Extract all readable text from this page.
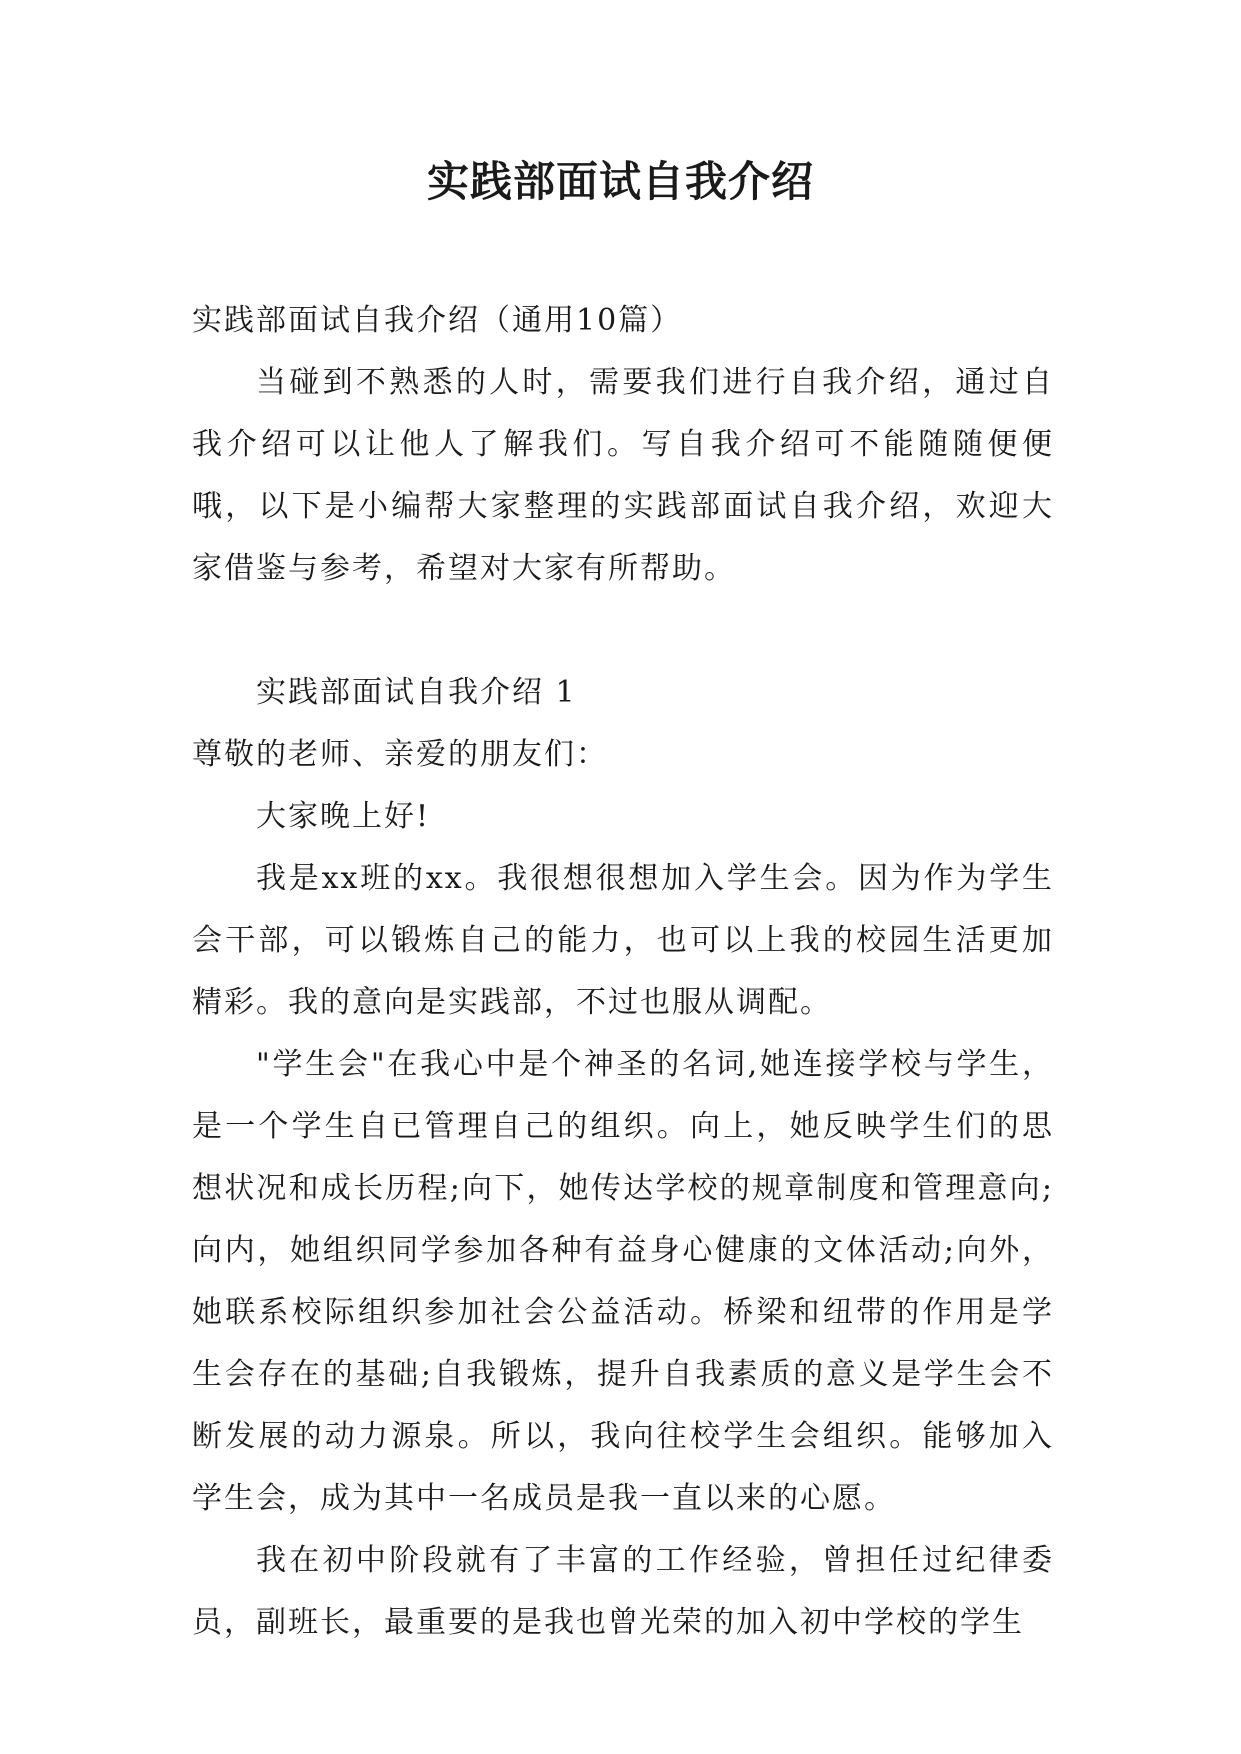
实践部面试自我介绍

实践部面试自我介绍（通用10篇）

当碰到不熟悉的人时，需要我们进行自我介绍，通过自我介绍可以让他人了解我们。写自我介绍可不能随随便便哦，以下是小编帮大家整理的实践部面试自我介绍，欢迎大家借鉴与参考，希望对大家有所帮助。

实践部面试自我介绍 1

尊敬的老师、亲爱的朋友们：

大家晚上好!

我是xx班的xx。我很想很想加入学生会。因为作为学生会干部，可以锻炼自己的能力，也可以上我的校园生活更加精彩。我的意向是实践部，不过也服从调配。

"学生会"在我心中是个神圣的名词,她连接学校与学生，是一个学生自已管理自己的组织。向上，她反映学生们的思想状况和成长历程;向下，她传达学校的规章制度和管理意向;向内，她组织同学参加各种有益身心健康的文体活动;向外，她联系校际组织参加社会公益活动。桥梁和纽带的作用是学生会存在的基础;自我锻炼，提升自我素质的意义是学生会不断发展的动力源泉。所以，我向往校学生会组织。能够加入学生会，成为其中一名成员是我一直以来的心愿。

我在初中阶段就有了丰富的工作经验，曾担任过纪律委员，副班长，最重要的是我也曾光荣的加入初中学校的学生
